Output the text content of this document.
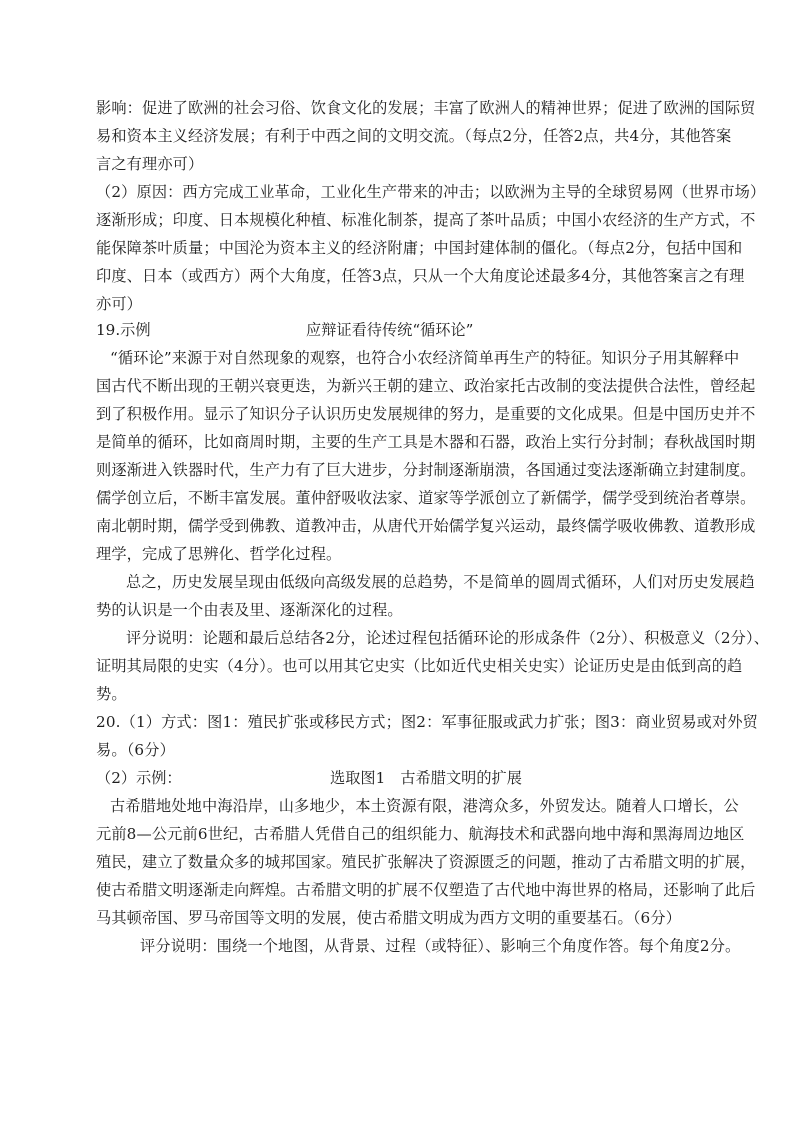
影响：促进了欧洲的社会习俗、饮食文化的发展；丰富了欧洲人的精神世界；促进了欧洲的国际贸
易和资本主义经济发展；有利于中西之间的文明交流。（每点2分，任答2点，共4分，其他答案
言之有理亦可）
（2）原因：西方完成工业革命，工业化生产带来的冲击；以欧洲为主导的全球贸易网（世界市场）
逐渐形成；印度、日本规模化种植、标准化制茶，提高了茶叶品质；中国小农经济的生产方式，不
能保障茶叶质量；中国沦为资本主义的经济附庸；中国封建体制的僵化。（每点2分，包括中国和
印度、日本（或西方）两个大角度，任答3点，只从一个大角度论述最多4分，其他答案言之有理
亦可）
19.示例	应辩证看待传统“循环论”
“循环论”来源于对自然现象的观察，也符合小农经济简单再生产的特征。知识分子用其解释中
国古代不断出现的王朝兴衰更迭，为新兴王朝的建立、政治家托古改制的变法提供合法性，曾经起
到了积极作用。显示了知识分子认识历史发展规律的努力，是重要的文化成果。但是中国历史并不
是简单的循环，比如商周时期，主要的生产工具是木器和石器，政治上实行分封制；春秋战国时期
则逐渐进入铁器时代，生产力有了巨大进步，分封制逐渐崩溃，各国通过变法逐渐确立封建制度。
儒学创立后，不断丰富发展。董仲舒吸收法家、道家等学派创立了新儒学，儒学受到统治者尊崇。
南北朝时期，儒学受到佛教、道教冲击，从唐代开始儒学复兴运动，最终儒学吸收佛教、道教形成
理学，完成了思辨化、哲学化过程。
总之，历史发展呈现由低级向高级发展的总趋势，不是简单的圆周式循环，人们对历史发展趋
势的认识是一个由表及里、逐渐深化的过程。
评分说明：论题和最后总结各2分，论述过程包括循环论的形成条件（2分）、积极意义（2分）、
证明其局限的史实（4分）。也可以用其它史实（比如近代史相关史实）论证历史是由低到高的趋
势。
20.（1）方式：图1：殖民扩张或移民方式；图2：军事征服或武力扩张；图3：商业贸易或对外贸
易。（6分）
（2）示例：	选取图1　古希腊文明的扩展
古希腊地处地中海沿岸，山多地少，本土资源有限，港湾众多，外贸发达。随着人口增长，公
元前8—公元前6世纪，古希腊人凭借自己的组织能力、航海技术和武器向地中海和黑海周边地区
殖民，建立了数量众多的城邦国家。殖民扩张解决了资源匮乏的问题，推动了古希腊文明的扩展，
使古希腊文明逐渐走向辉煌。古希腊文明的扩展不仅塑造了古代地中海世界的格局，还影响了此后
马其顿帝国、罗马帝国等文明的发展，使古希腊文明成为西方文明的重要基石。（6分）
评分说明：围绕一个地图，从背景、过程（或特征）、影响三个角度作答。每个角度2分。
